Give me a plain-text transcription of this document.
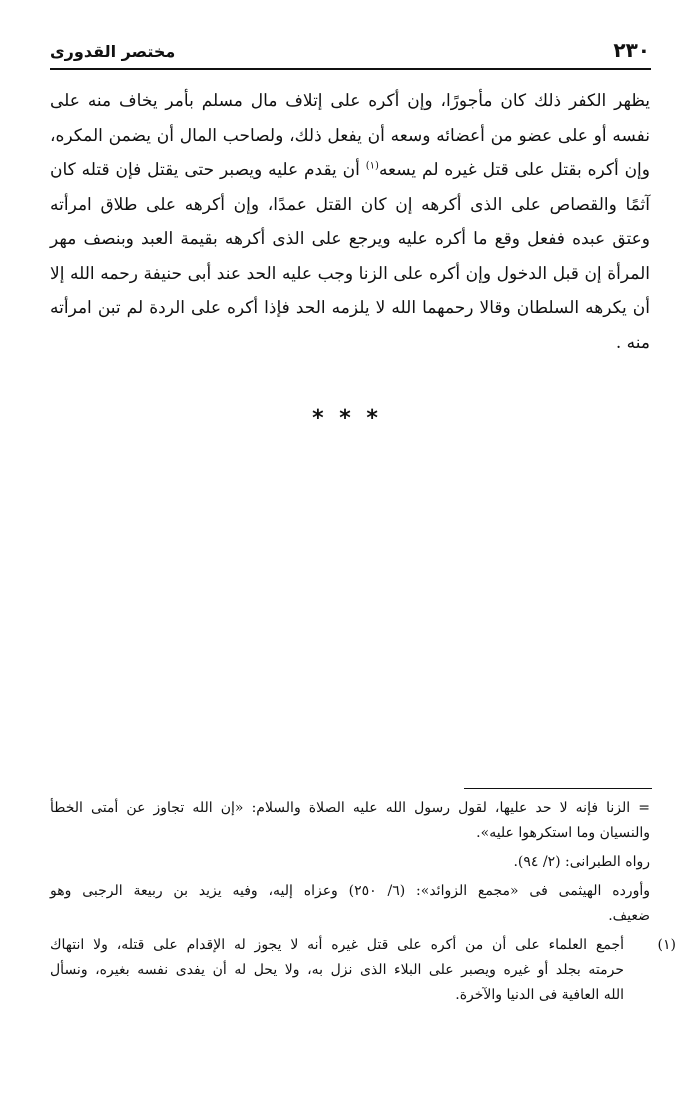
٢٣٠
مختصر القدورى
يظهر الكفر ذلك كان مأجورًا، وإن أكره على إتلاف مال مسلم بأمر يخاف منه على
نفسه أو على عضو من أعضائه وسعه أن يفعل ذلك، ولصاحب المال أن يضمن المكره،
وإن أكره بقتل على قتل غيره لم يسعه$^{(١)}$ أن يقدم عليه ويصبر حتى يقتل فإن قتله كان
آثمًا والقصاص على الذى أكرهه إن كان القتل عمدًا، وإن أكرهه على طلاق امرأته
وعتق عبده ففعل وقع ما أكره عليه ويرجع على الذى أكرهه بقيمة العبد وبنصف مهر
المرأة إن قبل الدخول وإن أكره على الزنا وجب عليه الحد عند أبى حنيفة رحمه الله إلا
أن يكرهه السلطان وقالا رحمهما الله لا يلزمه الحد فإذا أكره على الردة لم تبن امرأته
منه .
* * *
= الزنا فإنه لا حد عليها، لقول رسول الله عليه الصلاة والسلام: «إن الله تجاوز عن أمتى الخطأ
والنسيان وما استكرهوا عليه».
رواه الطبرانى: (٢/ ٩٤).
وأورده الهيثمى فى «مجمع الزوائد»: (٦/ ٢٥٠) وعزاه إليه، وفيه يزيد بن ربيعة الرجبى وهو
ضعيف.
(١)
أجمع العلماء على أن من أكره على قتل غيره أنه لا يجوز له الإقدام على قتله، ولا انتهاك
حرمته بجلد أو غيره ويصبر على البلاء الذى نزل به، ولا يحل له أن يفدى نفسه بغيره، ونسأل
الله العافية فى الدنيا والآخرة.
